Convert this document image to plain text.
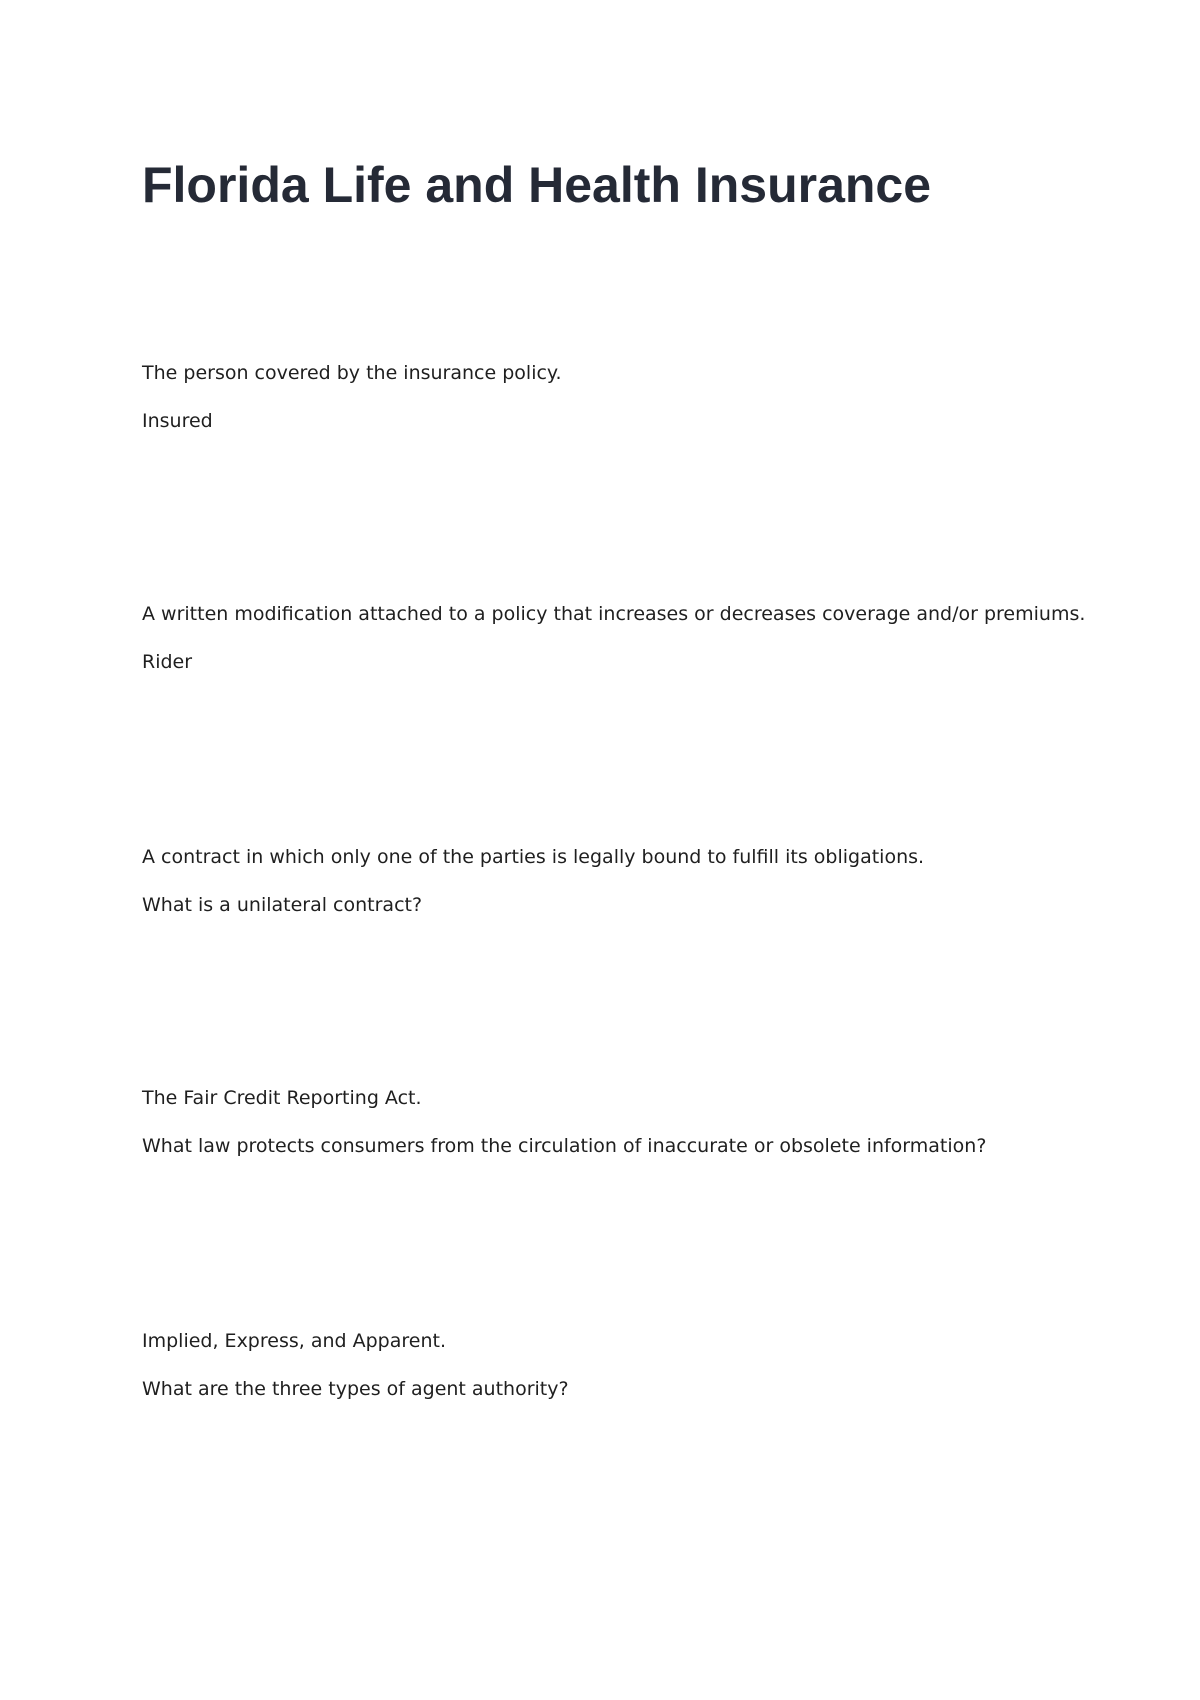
Florida Life and Health Insurance

The person covered by the insurance policy.

Insured

A written modification attached to a policy that increases or decreases coverage and/or premiums.

Rider

A contract in which only one of the parties is legally bound to fulfill its obligations.

What is a unilateral contract?

The Fair Credit Reporting Act.

What law protects consumers from the circulation of inaccurate or obsolete information?

Implied, Express, and Apparent.

What are the three types of agent authority?
